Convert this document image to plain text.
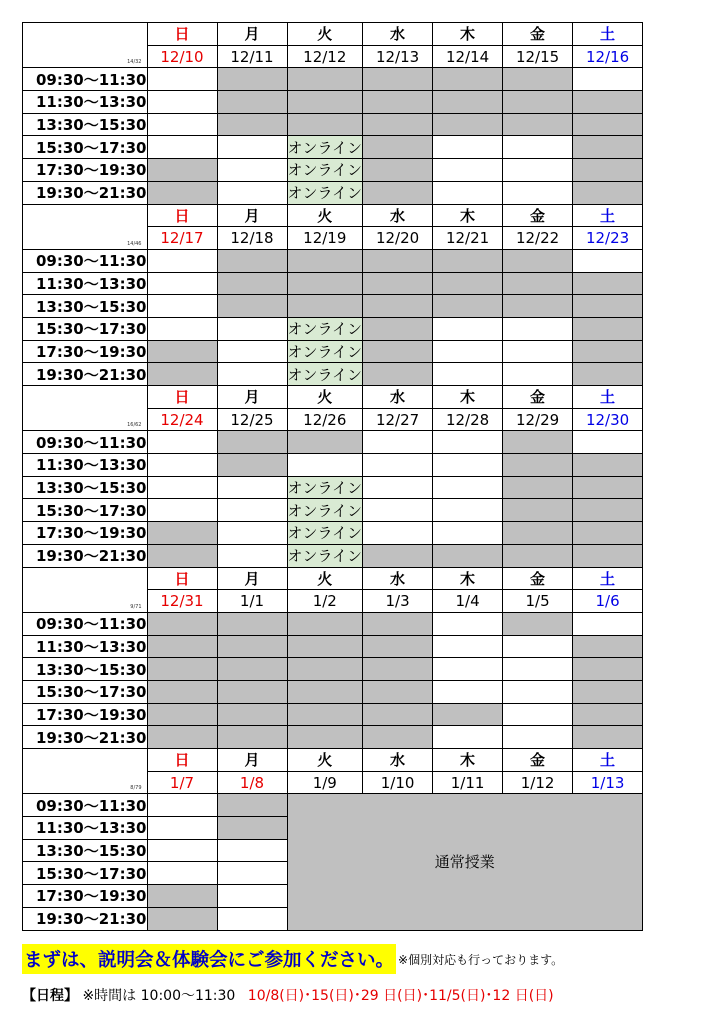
14/32	日	月	火	水	木	金	土
	12/10	12/11	12/12	12/13	12/14	12/15	12/16
09:30～11:30							
11:30～13:30							
13:30～15:30							
15:30～17:30			オンライン				
17:30～19:30			オンライン				
19:30～21:30			オンライン				

14/46	日	月	火	水	木	金	土
	12/17	12/18	12/19	12/20	12/21	12/22	12/23
09:30～11:30							
11:30～13:30							
13:30～15:30							
15:30～17:30			オンライン				
17:30～19:30			オンライン				
19:30～21:30			オンライン				

16/62	日	月	火	水	木	金	土
	12/24	12/25	12/26	12/27	12/28	12/29	12/30
09:30～11:30							
11:30～13:30							
13:30～15:30			オンライン				
15:30～17:30			オンライン				
17:30～19:30			オンライン				
19:30～21:30			オンライン				

9/71	日	月	火	水	木	金	土
	12/31	1/1	1/2	1/3	1/4	1/5	1/6
09:30～11:30							
11:30～13:30							
13:30～15:30							
15:30～17:30							
17:30～19:30							
19:30～21:30							

8/79	日	月	火	水	木	金	土
	1/7	1/8	1/9	1/10	1/11	1/12	1/13
09:30～11:30			通常授業				
11:30～13:30							
13:30～15:30							
15:30～17:30							
17:30～19:30							
19:30～21:30							
まずは、説明会＆体験会にご参加ください。 ※個別対応も行っております。
【日程】 ※時間は 10:00～11:30 10/8(日)･15(日)･29 日(日)･11/5(日)･12 日(日)
